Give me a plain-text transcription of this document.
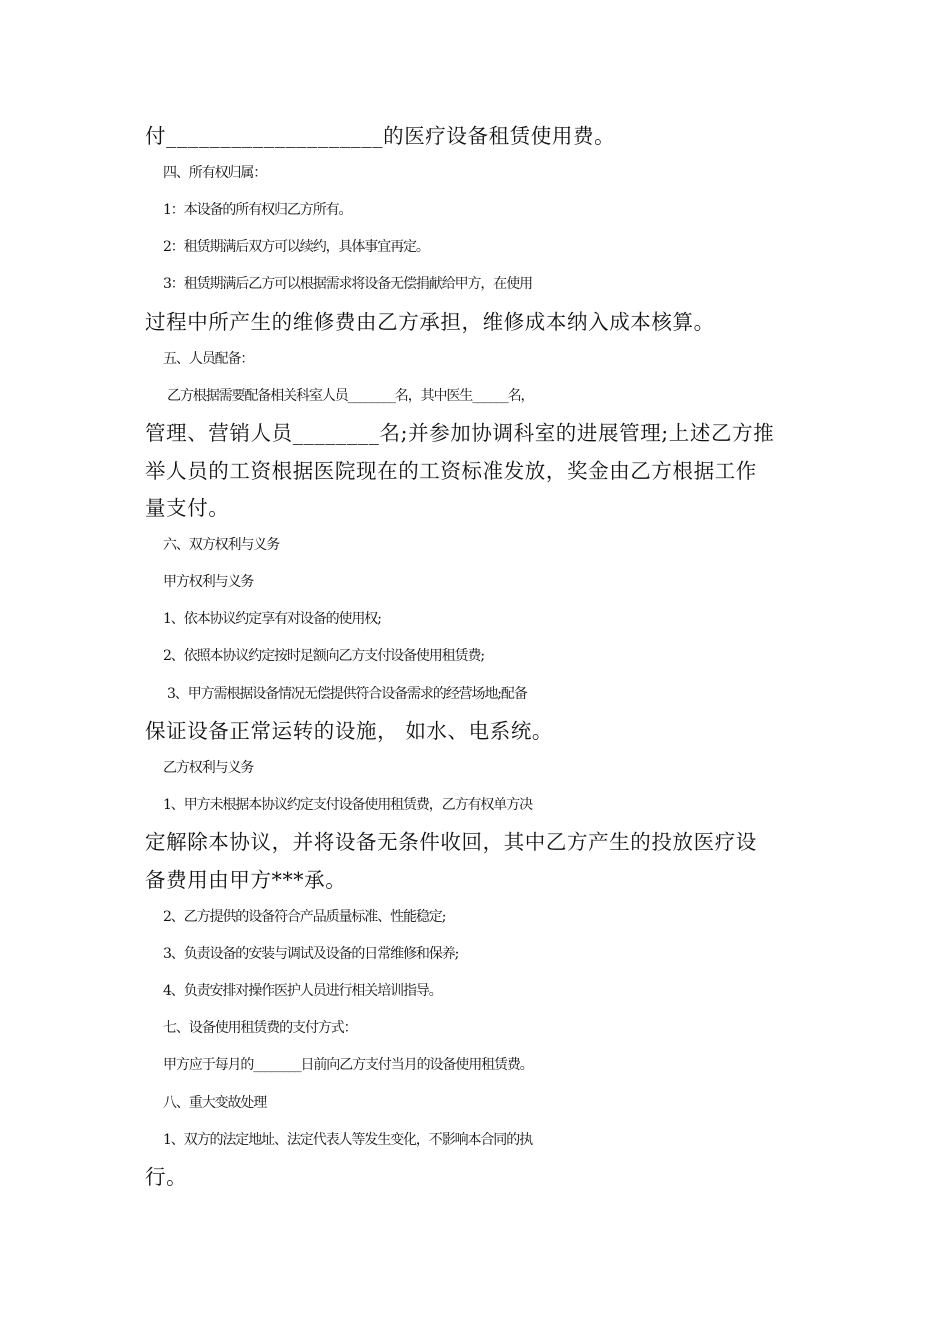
付____________________的医疗设备租赁使用费。
四、所有权归属：
1：本设备的所有权归乙方所有。
2：租赁期满后双方可以续约，具体事宜再定。
3：租赁期满后乙方可以根据需求将设备无偿捐献给甲方，在使用
过程中所产生的维修费由乙方承担，维修成本纳入成本核算。
五、人员配备：
乙方根据需要配备相关科室人员________名，其中医生______名，
管理、营销人员________名;并参加协调科室的进展管理;上述乙方推
举人员的工资根据医院现在的工资标准发放，奖金由乙方根据工作
量支付。
六、双方权利与义务
甲方权利与义务
1、依本协议约定享有对设备的使用权;
2、依照本协议约定按时足额向乙方支付设备使用租赁费;
3、甲方需根据设备情况无偿提供符合设备需求的经营场地;配备
保证设备正常运转的设施， 如水、电系统。
乙方权利与义务
1、甲方未根据本协议约定支付设备使用租赁费，乙方有权单方决
定解除本协议，并将设备无条件收回，其中乙方产生的投放医疗设
备费用由甲方***承。
2、乙方提供的设备符合产品质量标准、性能稳定;
3、负责设备的安装与调试及设备的日常维修和保养;
4、负责安排对操作医护人员进行相关培训指导。
七、设备使用租赁费的支付方式：
甲方应于每月的________日前向乙方支付当月的设备使用租赁费。
八、重大变故处理
1、双方的法定地址、法定代表人等发生变化，不影响本合同的执
行。
